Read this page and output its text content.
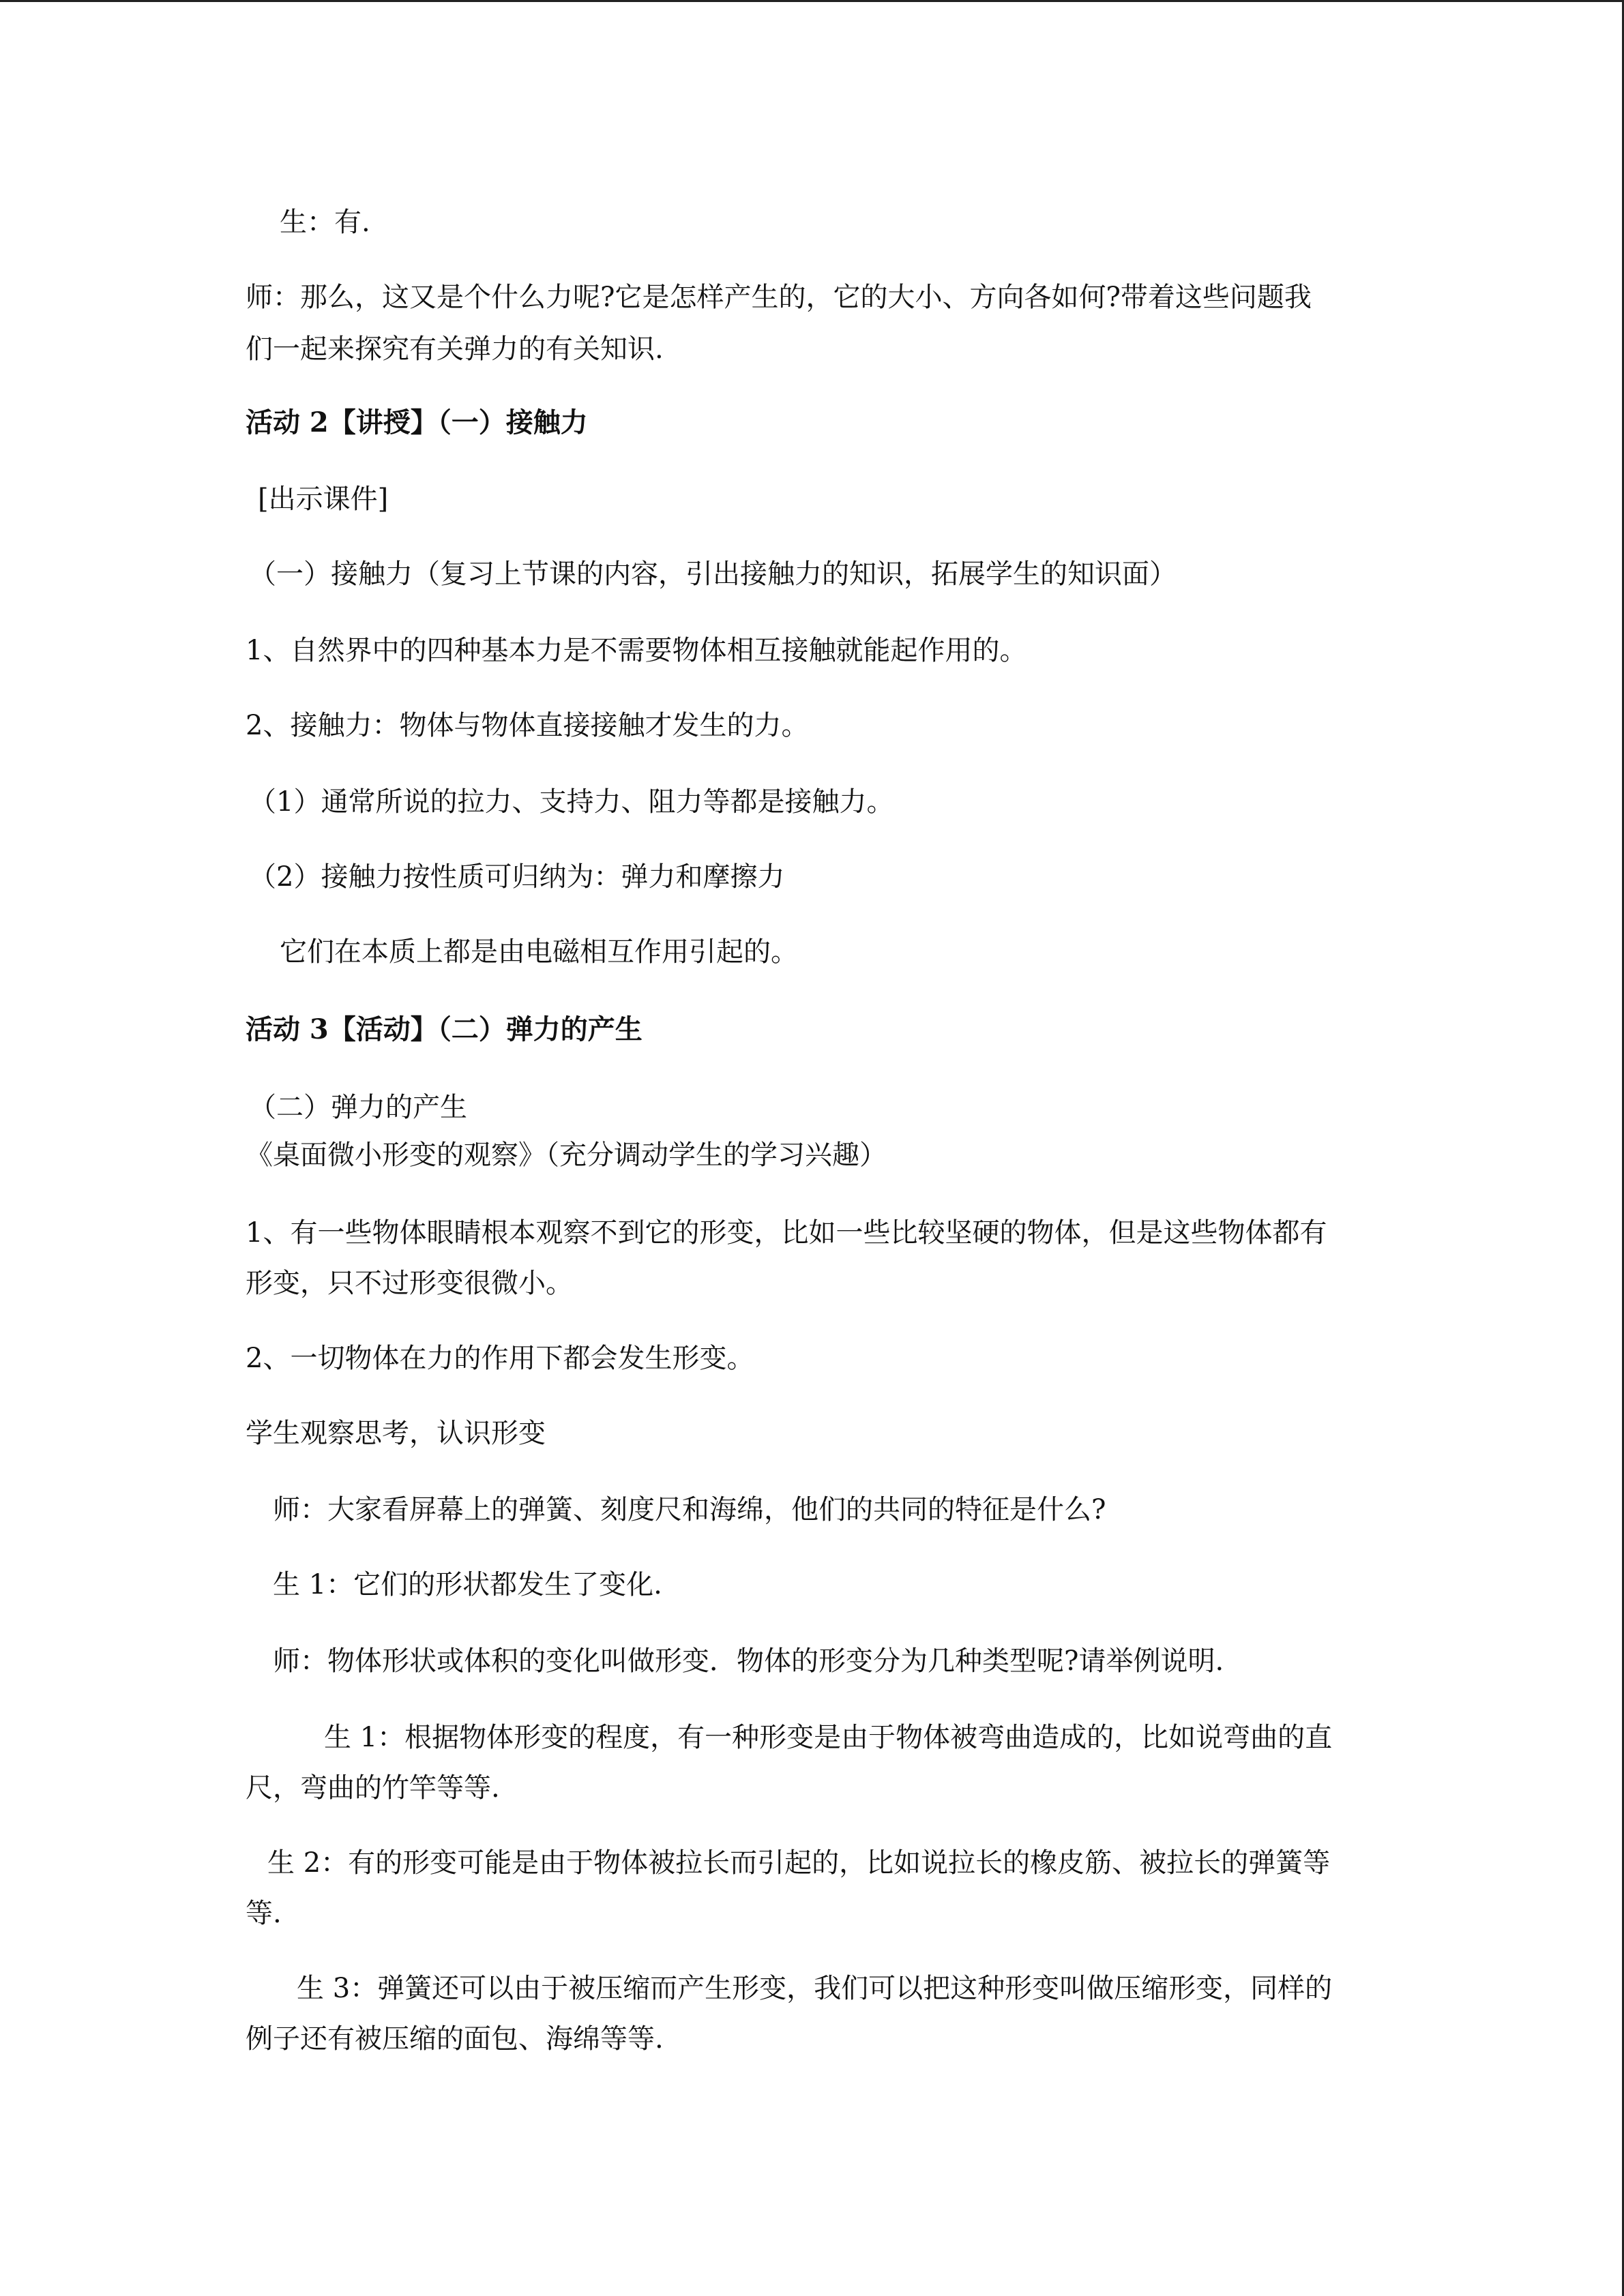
生：有.
师：那么，这又是个什么力呢?它是怎样产生的，它的大小、方向各如何?带着这些问题我
们一起来探究有关弹力的有关知识.
活动 2【讲授】（一）接触力
[出示课件]
（一）接触力（复习上节课的内容，引出接触力的知识，拓展学生的知识面）
1、自然界中的四种基本力是不需要物体相互接触就能起作用的。
2、接触力：物体与物体直接接触才发生的力。
（1）通常所说的拉力、支持力、阻力等都是接触力。
（2）接触力按性质可归纳为：弹力和摩擦力
它们在本质上都是由电磁相互作用引起的。
活动 3【活动】（二）弹力的产生
（二）弹力的产生
《桌面微小形变的观察》（充分调动学生的学习兴趣）
1、有一些物体眼睛根本观察不到它的形变，比如一些比较坚硬的物体，但是这些物体都有
形变，只不过形变很微小。
2、一切物体在力的作用下都会发生形变。
学生观察思考，认识形变
师：大家看屏幕上的弹簧、刻度尺和海绵，他们的共同的特征是什么?
生 1：它们的形状都发生了变化.
师：物体形状或体积的变化叫做形变．物体的形变分为几种类型呢?请举例说明.
生 1：根据物体形变的程度，有一种形变是由于物体被弯曲造成的，比如说弯曲的直
尺，弯曲的竹竿等等.
生 2：有的形变可能是由于物体被拉长而引起的，比如说拉长的橡皮筋、被拉长的弹簧等
等.
生 3：弹簧还可以由于被压缩而产生形变，我们可以把这种形变叫做压缩形变，同样的
例子还有被压缩的面包、海绵等等.
